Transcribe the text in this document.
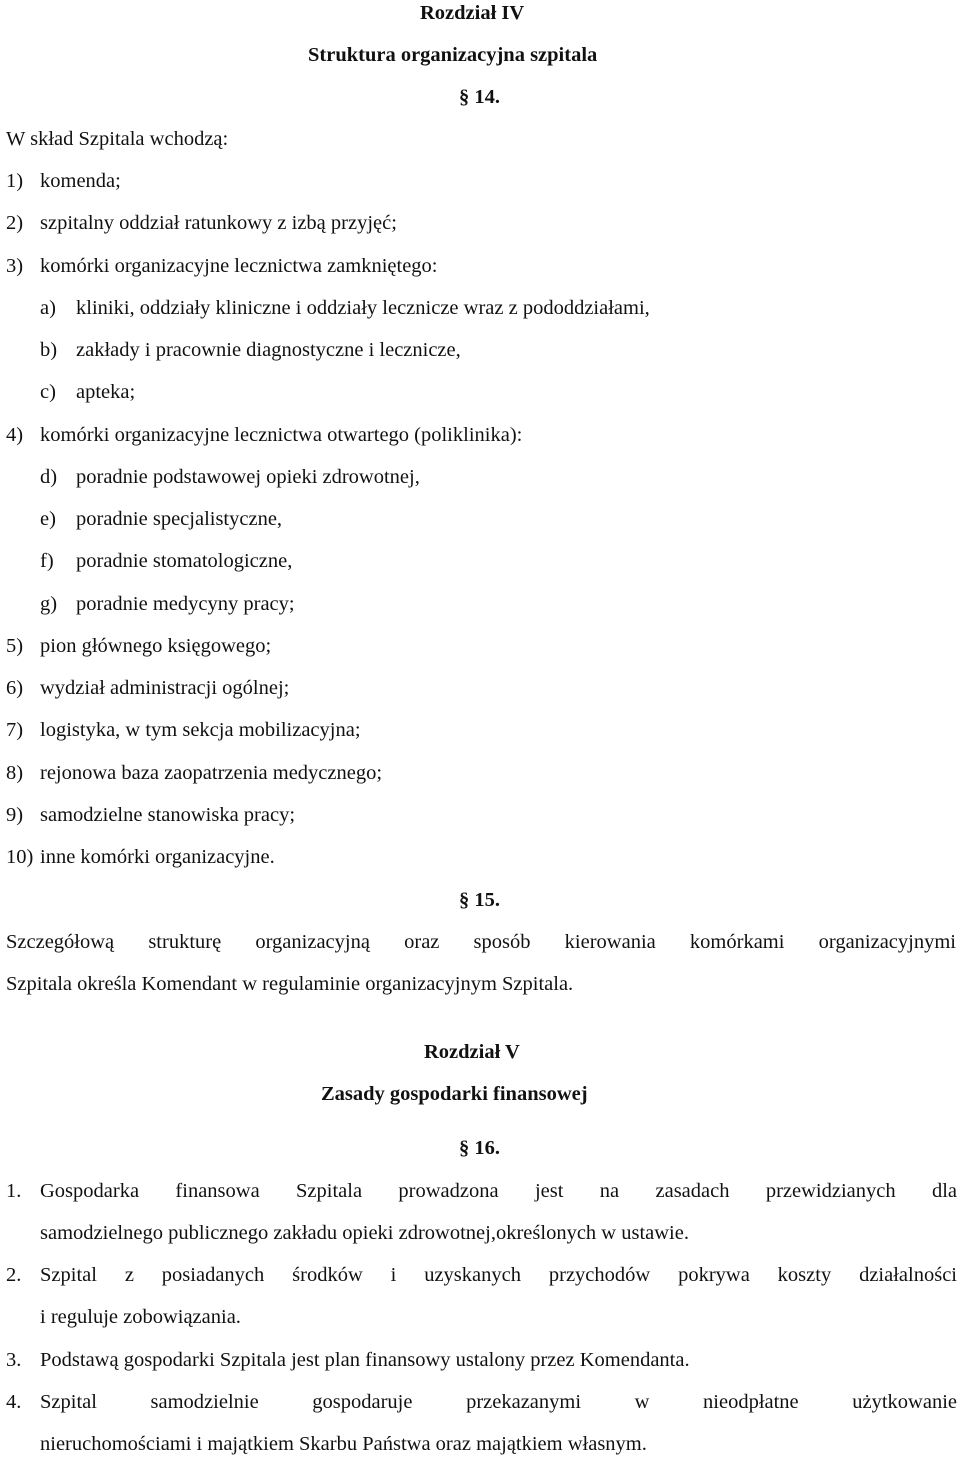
Rozdział IV
Struktura organizacyjna szpitala
§ 14.
W skład Szpitala wchodzą:
1) komenda;
2) szpitalny oddział ratunkowy z izbą przyjęć;
3) komórki organizacyjne lecznictwa zamkniętego:
a) kliniki, oddziały kliniczne i oddziały lecznicze wraz z pododdziałami,
b) zakłady i pracownie diagnostyczne i lecznicze,
c) apteka;
4) komórki organizacyjne lecznictwa otwartego (poliklinika):
d) poradnie podstawowej opieki zdrowotnej,
e) poradnie specjalistyczne,
f) poradnie stomatologiczne,
g) poradnie medycyny pracy;
5) pion głównego księgowego;
6) wydział administracji ogólnej;
7) logistyka, w tym sekcja mobilizacyjna;
8) rejonowa baza zaopatrzenia medycznego;
9) samodzielne stanowiska pracy;
10) inne komórki organizacyjne.
§ 15.
Szczegółową strukturę organizacyjną oraz sposób kierowania komórkami organizacyjnymi
Szpitala określa Komendant w regulaminie organizacyjnym Szpitala.
Rozdział V
Zasady gospodarki finansowej
§ 16.
1. Gospodarka finansowa Szpitala prowadzona jest na zasadach przewidzianych dla
samodzielnego publicznego zakładu opieki zdrowotnej,określonych w ustawie.
2. Szpital z posiadanych środków i uzyskanych przychodów pokrywa koszty działalności
i reguluje zobowiązania.
3. Podstawą gospodarki Szpitala jest plan finansowy ustalony przez Komendanta.
4. Szpital samodzielnie gospodaruje przekazanymi w nieodpłatne użytkowanie
nieruchomościami i majątkiem Skarbu Państwa oraz majątkiem własnym.
